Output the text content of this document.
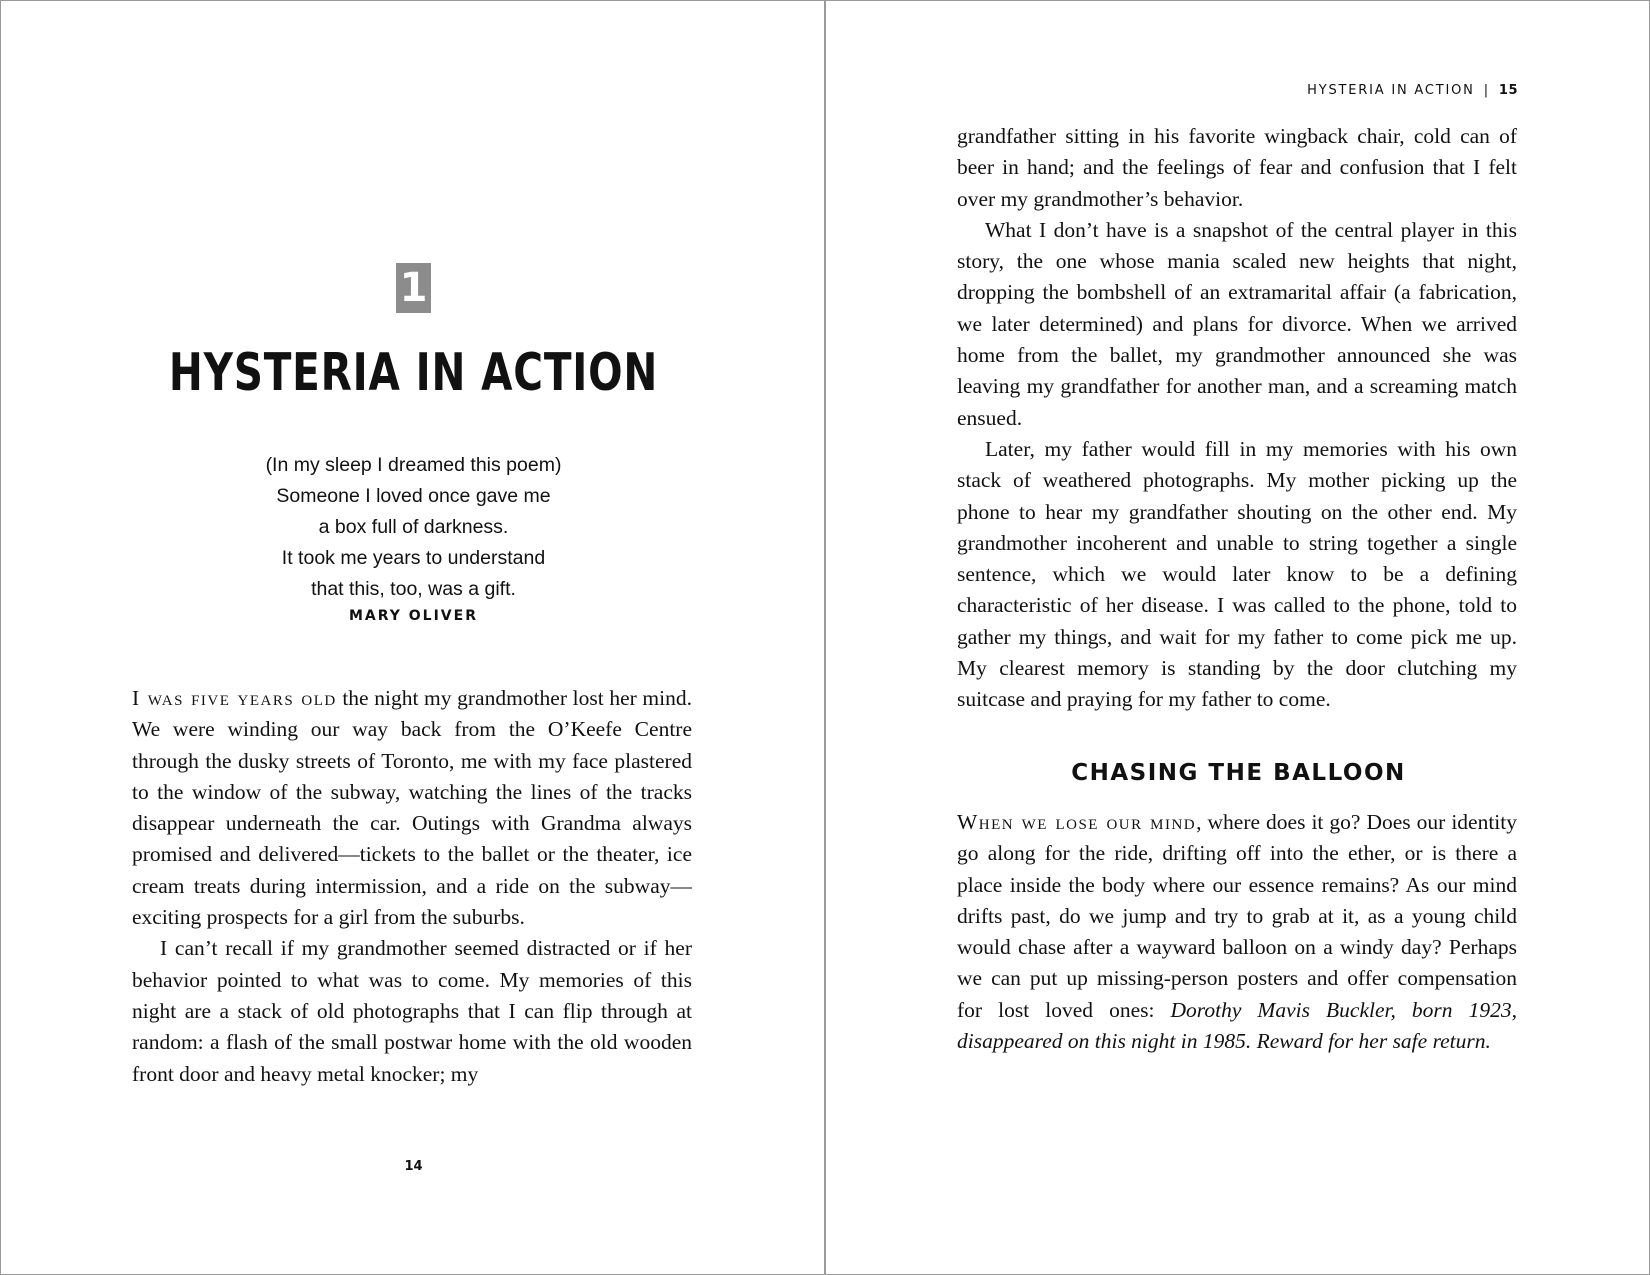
1
HYSTERIA IN ACTION
(In my sleep I dreamed this poem)
Someone I loved once gave me
a box full of darkness.
It took me years to understand
that this, too, was a gift.
MARY OLIVER

I was five years old the night my grandmother lost her mind. We were winding our way back from the O’Keefe Centre through the dusky streets of Toronto, me with my face plastered to the window of the subway, watching the lines of the tracks disappear underneath the car. Outings with Grandma always promised and delivered—tickets to the ballet or the theater, ice cream treats during intermission, and a ride on the subway—exciting prospects for a girl from the suburbs.

I can’t recall if my grandmother seemed distracted or if her behavior pointed to what was to come. My memories of this night are a stack of old photographs that I can flip through at random: a flash of the small postwar home with the old wooden front door and heavy metal knocker; my

14
HYSTERIA IN ACTION | 15

grandfather sitting in his favorite wingback chair, cold can of beer in hand; and the feelings of fear and confusion that I felt over my grandmother’s behavior.

What I don’t have is a snapshot of the central player in this story, the one whose mania scaled new heights that night, dropping the bombshell of an extramarital affair (a fabrication, we later determined) and plans for divorce. When we arrived home from the ballet, my grandmother announced she was leaving my grandfather for another man, and a screaming match ensued.

Later, my father would fill in my memories with his own stack of weathered photographs. My mother picking up the phone to hear my grandfather shouting on the other end. My grandmother incoherent and unable to string together a single sentence, which we would later know to be a defining characteristic of her disease. I was called to the phone, told to gather my things, and wait for my father to come pick me up. My clearest memory is standing by the door clutching my suitcase and praying for my father to come.

CHASING THE BALLOON

When we lose our mind, where does it go? Does our identity go along for the ride, drifting off into the ether, or is there a place inside the body where our essence remains? As our mind drifts past, do we jump and try to grab at it, as a young child would chase after a wayward balloon on a windy day? Perhaps we can put up missing-person posters and offer compensation for lost loved ones: Dorothy Mavis Buckler, born 1923, disappeared on this night in 1985. Reward for her safe return.
